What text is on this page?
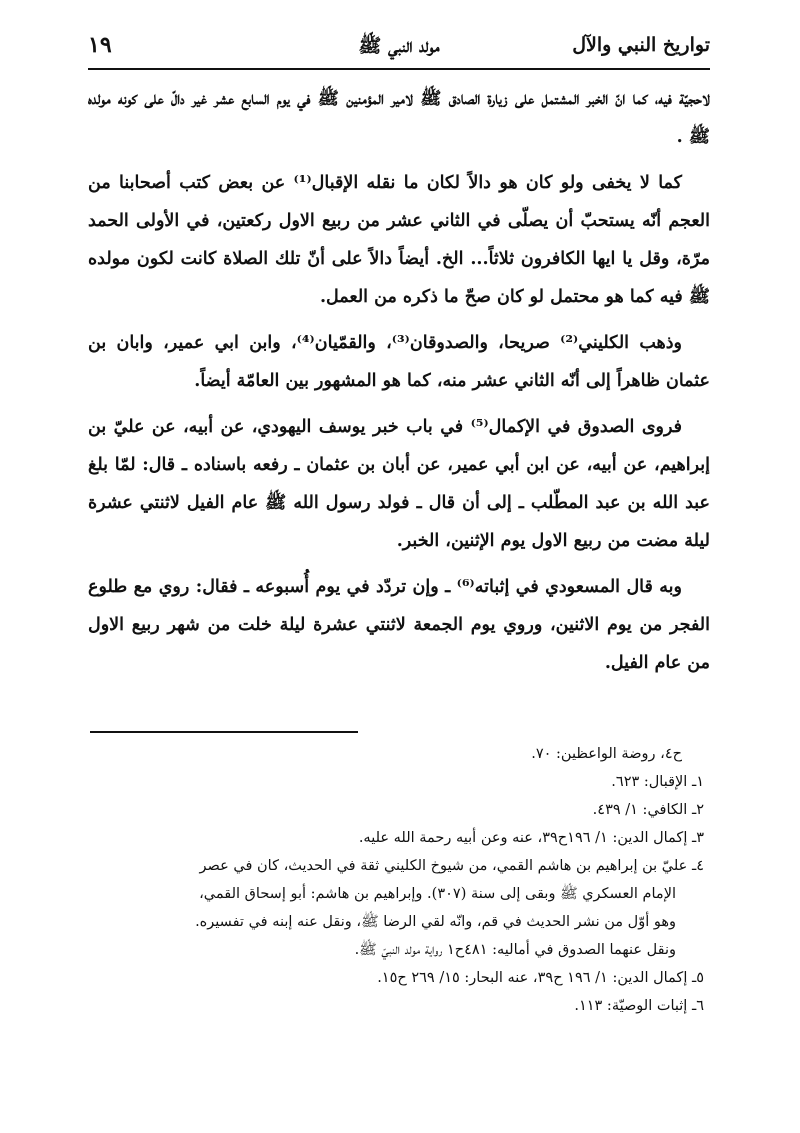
تواريخ النبي والآل
مولد النبي ﷺ
١٩

لاحجيّة فيه، كما انّ الخبر المشتمل على زيارة الصادق ﷺ لامير المؤمنين ﷺ في يوم السابع عشر غير دالّ على كونه مولده ﷺ .

كما لا يخفى ولو كان هو دالاً لكان ما نقله الإقبال⁽¹⁾ عن بعض كتب أصحابنا من العجم أنّه يستحبّ أن يصلّى في الثاني عشر من ربيع الاول ركعتين، في الأولى الحمد مرّة، وقل يا ايها الكافرون ثلاثاً... الخ. أيضاً دالاً على أنّ تلك الصلاة كانت لكون مولده ﷺ فيه كما هو محتمل لو كان صحّ ما ذكره من العمل.

وذهب الكليني⁽²⁾ صريحا، والصدوقان⁽³⁾، والقمّيان⁽⁴⁾، وابن ابي عمير، وابان بن عثمان ظاهراً إلى أنّه الثاني عشر منه، كما هو المشهور بين العامّة أيضاً.

فروى الصدوق في الإكمال⁽⁵⁾ في باب خبر يوسف اليهودي، عن أبيه، عن عليّ بن إبراهيم، عن أبيه، عن ابن أبي عمير، عن أبان بن عثمان ـ رفعه باسناده ـ قال: لمّا بلغ عبد الله بن عبد المطّلب ـ إلى أن قال ـ فولد رسول الله ﷺ عام الفيل لاثنتي عشرة ليلة مضت من ربيع الاول يوم الإثنين، الخبر.

وبه قال المسعودي في إثباته⁽⁶⁾ ـ وإن تردّد في يوم أُسبوعه ـ فقال: روي مع طلوع الفجر من يوم الاثنين، وروي يوم الجمعة لاثنتي عشرة ليلة خلت من شهر ربيع الاول من عام الفيل.

ح٤، روضة الواعظين: ٧٠.

١ـ الإقبال: ٦٢٣.

٢ـ الكافي: ١/ ٤٣٩.

٣ـ إكمال الدين: ١/ ١٩٦ح٣٩، عنه وعن أبيه رحمة الله عليه.

٤ـ عليّ بن إبراهيم بن هاشم القمي، من شيوخ الكليني ثقة في الحديث، كان في عصر

الإمام العسكري ﷺ وبقى إلى سنة (٣٠٧). وإبراهيم بن هاشم: أبو إسحاق القمي،

وهو أوّل من نشر الحديث في قم، وانّه لقي الرضا ﷺ، ونقل عنه إبنه في تفسيره.

ونقل عنهما الصدوق في أماليه: ٤٨١ح١ رواية مولد النبيّ ﷺ.

٥ـ إكمال الدين: ١/ ١٩٦ ح٣٩، عنه البحار: ١٥/ ٢٦٩ ح١٥.

٦ـ إثبات الوصيّة: ١١٣.
